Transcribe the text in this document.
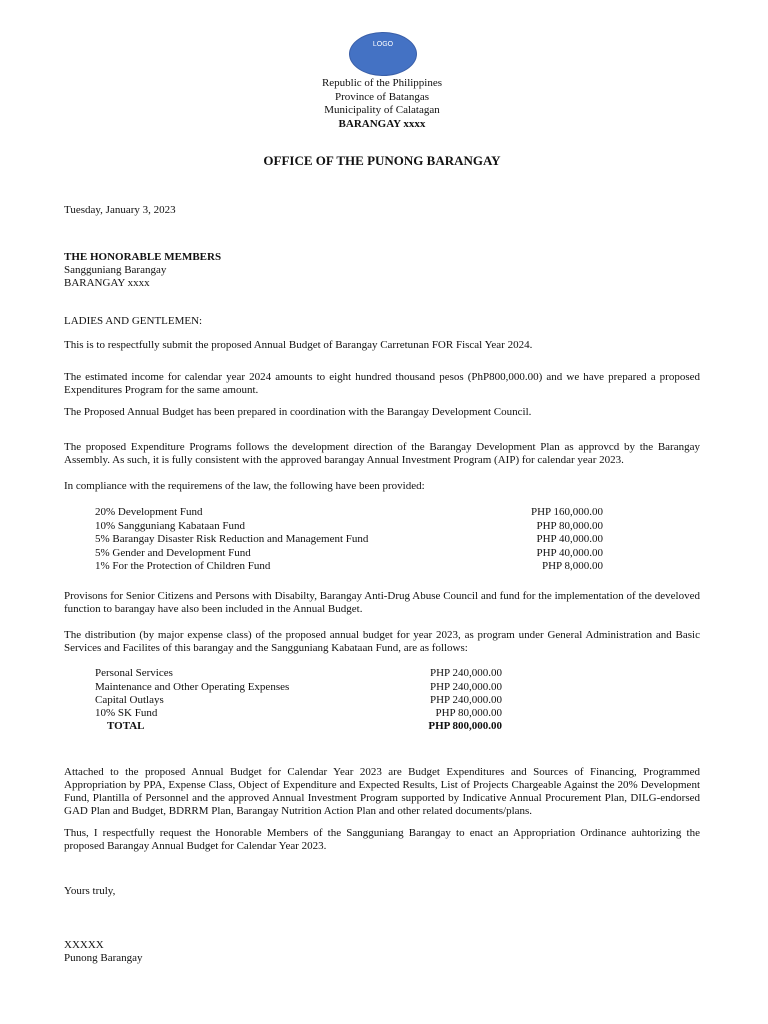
LOGO
Republic of the Philippines
Province of Batangas
Municipality of Calatagan
BARANGAY xxxx
OFFICE OF THE PUNONG BARANGAY
Tuesday, January 3, 2023
THE HONORABLE MEMBERS
Sangguniang Barangay
BARANGAY xxxx
LADIES AND GENTLEMEN:
This is to respectfully submit the proposed Annual Budget of Barangay Carretunan FOR Fiscal Year 2024.
The estimated income for calendar year 2024 amounts to eight hundred thousand pesos (PhP800,000.00) and we have prepared a proposed Expenditures Program for the same amount.
The Proposed Annual Budget has been prepared in coordination with the Barangay Development Council.
The proposed Expenditure Programs follows the development direction of the Barangay Development Plan as approvcd by the Barangay Assembly. As such, it is fully consistent with the approved barangay Annual Investment Program (AIP) for calendar year 2023.
In compliance with the requiremens of the law, the following have been provided:
20% Development Fund	PHP 160,000.00
10% Sangguniang Kabataan Fund	PHP 80,000.00
5% Barangay Disaster Risk Reduction and Management Fund	PHP 40,000.00
5% Gender and Development Fund	PHP 40,000.00
1% For the Protection of Children Fund	PHP 8,000.00
Provisons for Senior Citizens and Persons with Disabilty, Barangay Anti-Drug Abuse Council and fund for the implementation of the develoved function to barangay have also been included in the Annual Budget.
The distribution (by major expense class) of the proposed annual budget for year 2023, as program under General Administration and Basic Services and Facilites of this barangay and the Sangguniang Kabataan Fund, are as follows:
Personal Services	PHP 240,000.00
Maintenance and Other Operating Expenses	PHP 240,000.00
Capital Outlays	PHP 240,000.00
10% SK Fund	PHP 80,000.00
TOTAL	PHP 800,000.00
Attached to the proposed Annual Budget for Calendar Year 2023 are Budget Expenditures and Sources of Financing, Programmed Appropriation by PPA, Expense Class, Object of Expenditure and Expected Results, List of Projects Chargeable Against the 20% Development Fund, Plantilla of Personnel and the approved Annual Investment Program supported by Indicative Annual Procurement Plan, DILG-endorsed GAD Plan and Budget, BDRRM Plan, Barangay Nutrition Action Plan and other related documents/plans.
Thus, I respectfully request the Honorable Members of the Sangguniang Barangay to enact an Appropriation Ordinance auhtorizing the proposed Barangay Annual Budget for Calendar Year 2023.
Yours truly,
XXXXX
Punong Barangay
